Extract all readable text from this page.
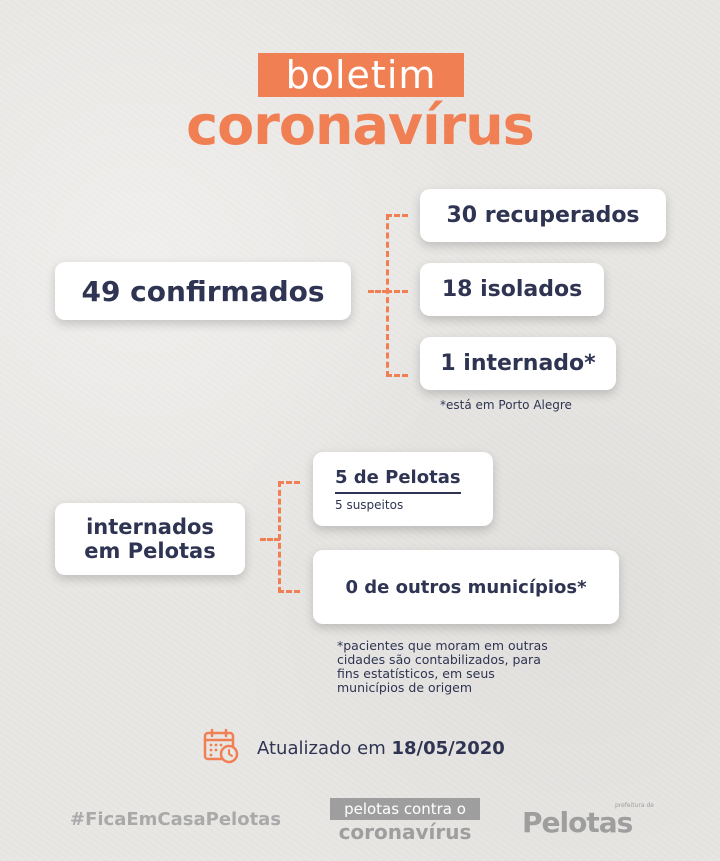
boletim
coronavírus
49 confirmados
30 recuperados
18 isolados
1 internado*
*está em Porto Alegre
internados
em Pelotas
5 de Pelotas
5 suspeitos
0 de outros municípios*
*pacientes que moram em outras
cidades são contabilizados, para
fins estatísticos, em seus
municípios de origem
Atualizado em 18/05/2020
#FicaEmCasaPelotas	pelotas contra o
coronavírus
prefeitura de
Pelotas
